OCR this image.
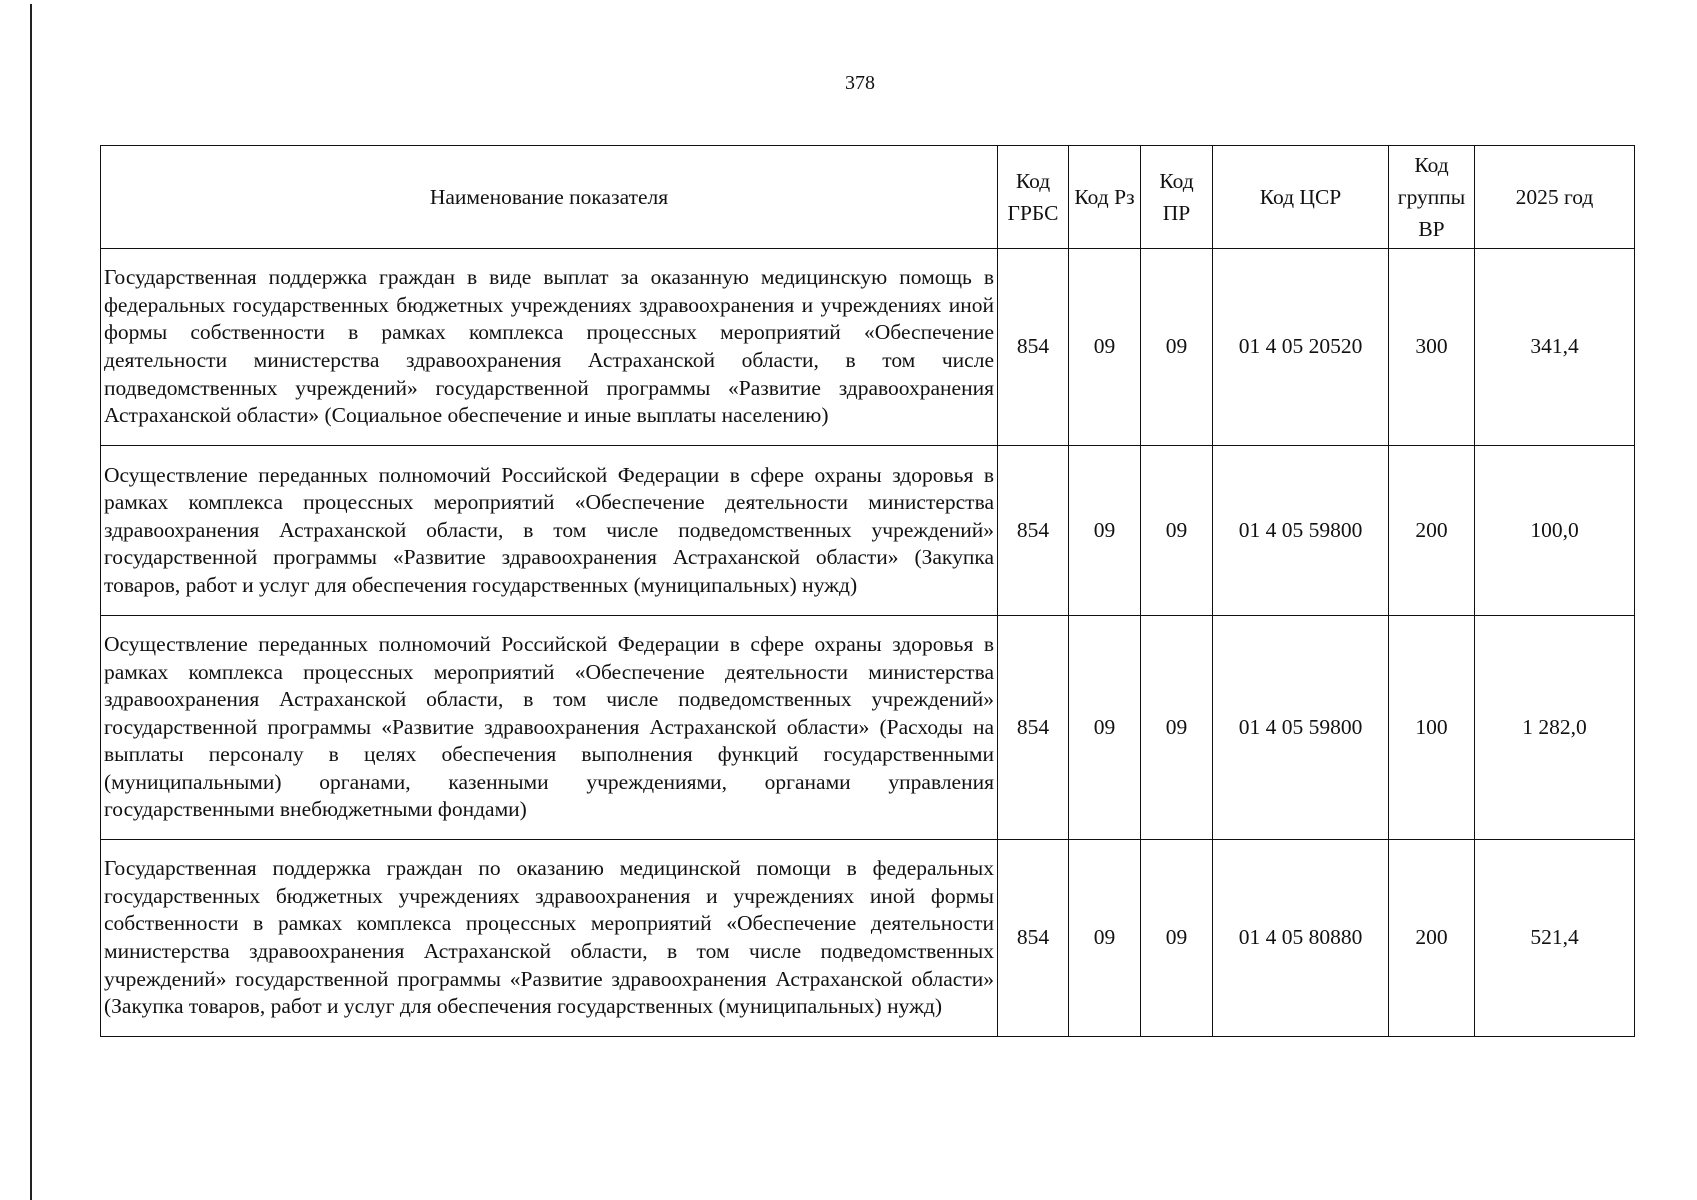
378
Наименование показателя	Код ГРБС	Код Рз	Код ПР	Код ЦСР	Код группы ВР	2025 год
Государственная поддержка граждан в виде выплат за оказанную медицинскую помощь в федеральных государственных бюджетных учреждениях здравоохранения и учреждениях иной формы собственности в рамках комплекса процессных мероприятий «Обеспечение деятельности министерства здравоохранения Астраханской области, в том числе подведомственных учреждений» государственной программы «Развитие здравоохранения Астраханской области» (Социальное обеспечение и иные выплаты населению)	854	09	09	01 4 05 20520	300	341,4
Осуществление переданных полномочий Российской Федерации в сфере охраны здоровья в рамках комплекса процессных мероприятий «Обеспечение деятельности министерства здравоохранения Астраханской области, в том числе подведомственных учреждений» государственной программы «Развитие здравоохранения Астраханской области» (Закупка товаров, работ и услуг для обеспечения государственных (муниципальных) нужд)	854	09	09	01 4 05 59800	200	100,0
Осуществление переданных полномочий Российской Федерации в сфере охраны здоровья в рамках комплекса процессных мероприятий «Обеспечение деятельности министерства здравоохранения Астраханской области, в том числе подведомственных учреждений» государственной программы «Развитие здравоохранения Астраханской области» (Расходы на выплаты персоналу в целях обеспечения выполнения функций государственными (муниципальными) органами, казенными учреждениями, органами управления государственными внебюджетными фондами)	854	09	09	01 4 05 59800	100	1 282,0
Государственная поддержка граждан по оказанию медицинской помощи в федеральных государственных бюджетных учреждениях здравоохранения и учреждениях иной формы собственности в рамках комплекса процессных мероприятий «Обеспечение деятельности министерства здравоохранения Астраханской области, в том числе подведомственных учреждений» государственной программы «Развитие здравоохранения Астраханской области» (Закупка товаров, работ и услуг для обеспечения государственных (муниципальных) нужд)	854	09	09	01 4 05 80880	200	521,4
